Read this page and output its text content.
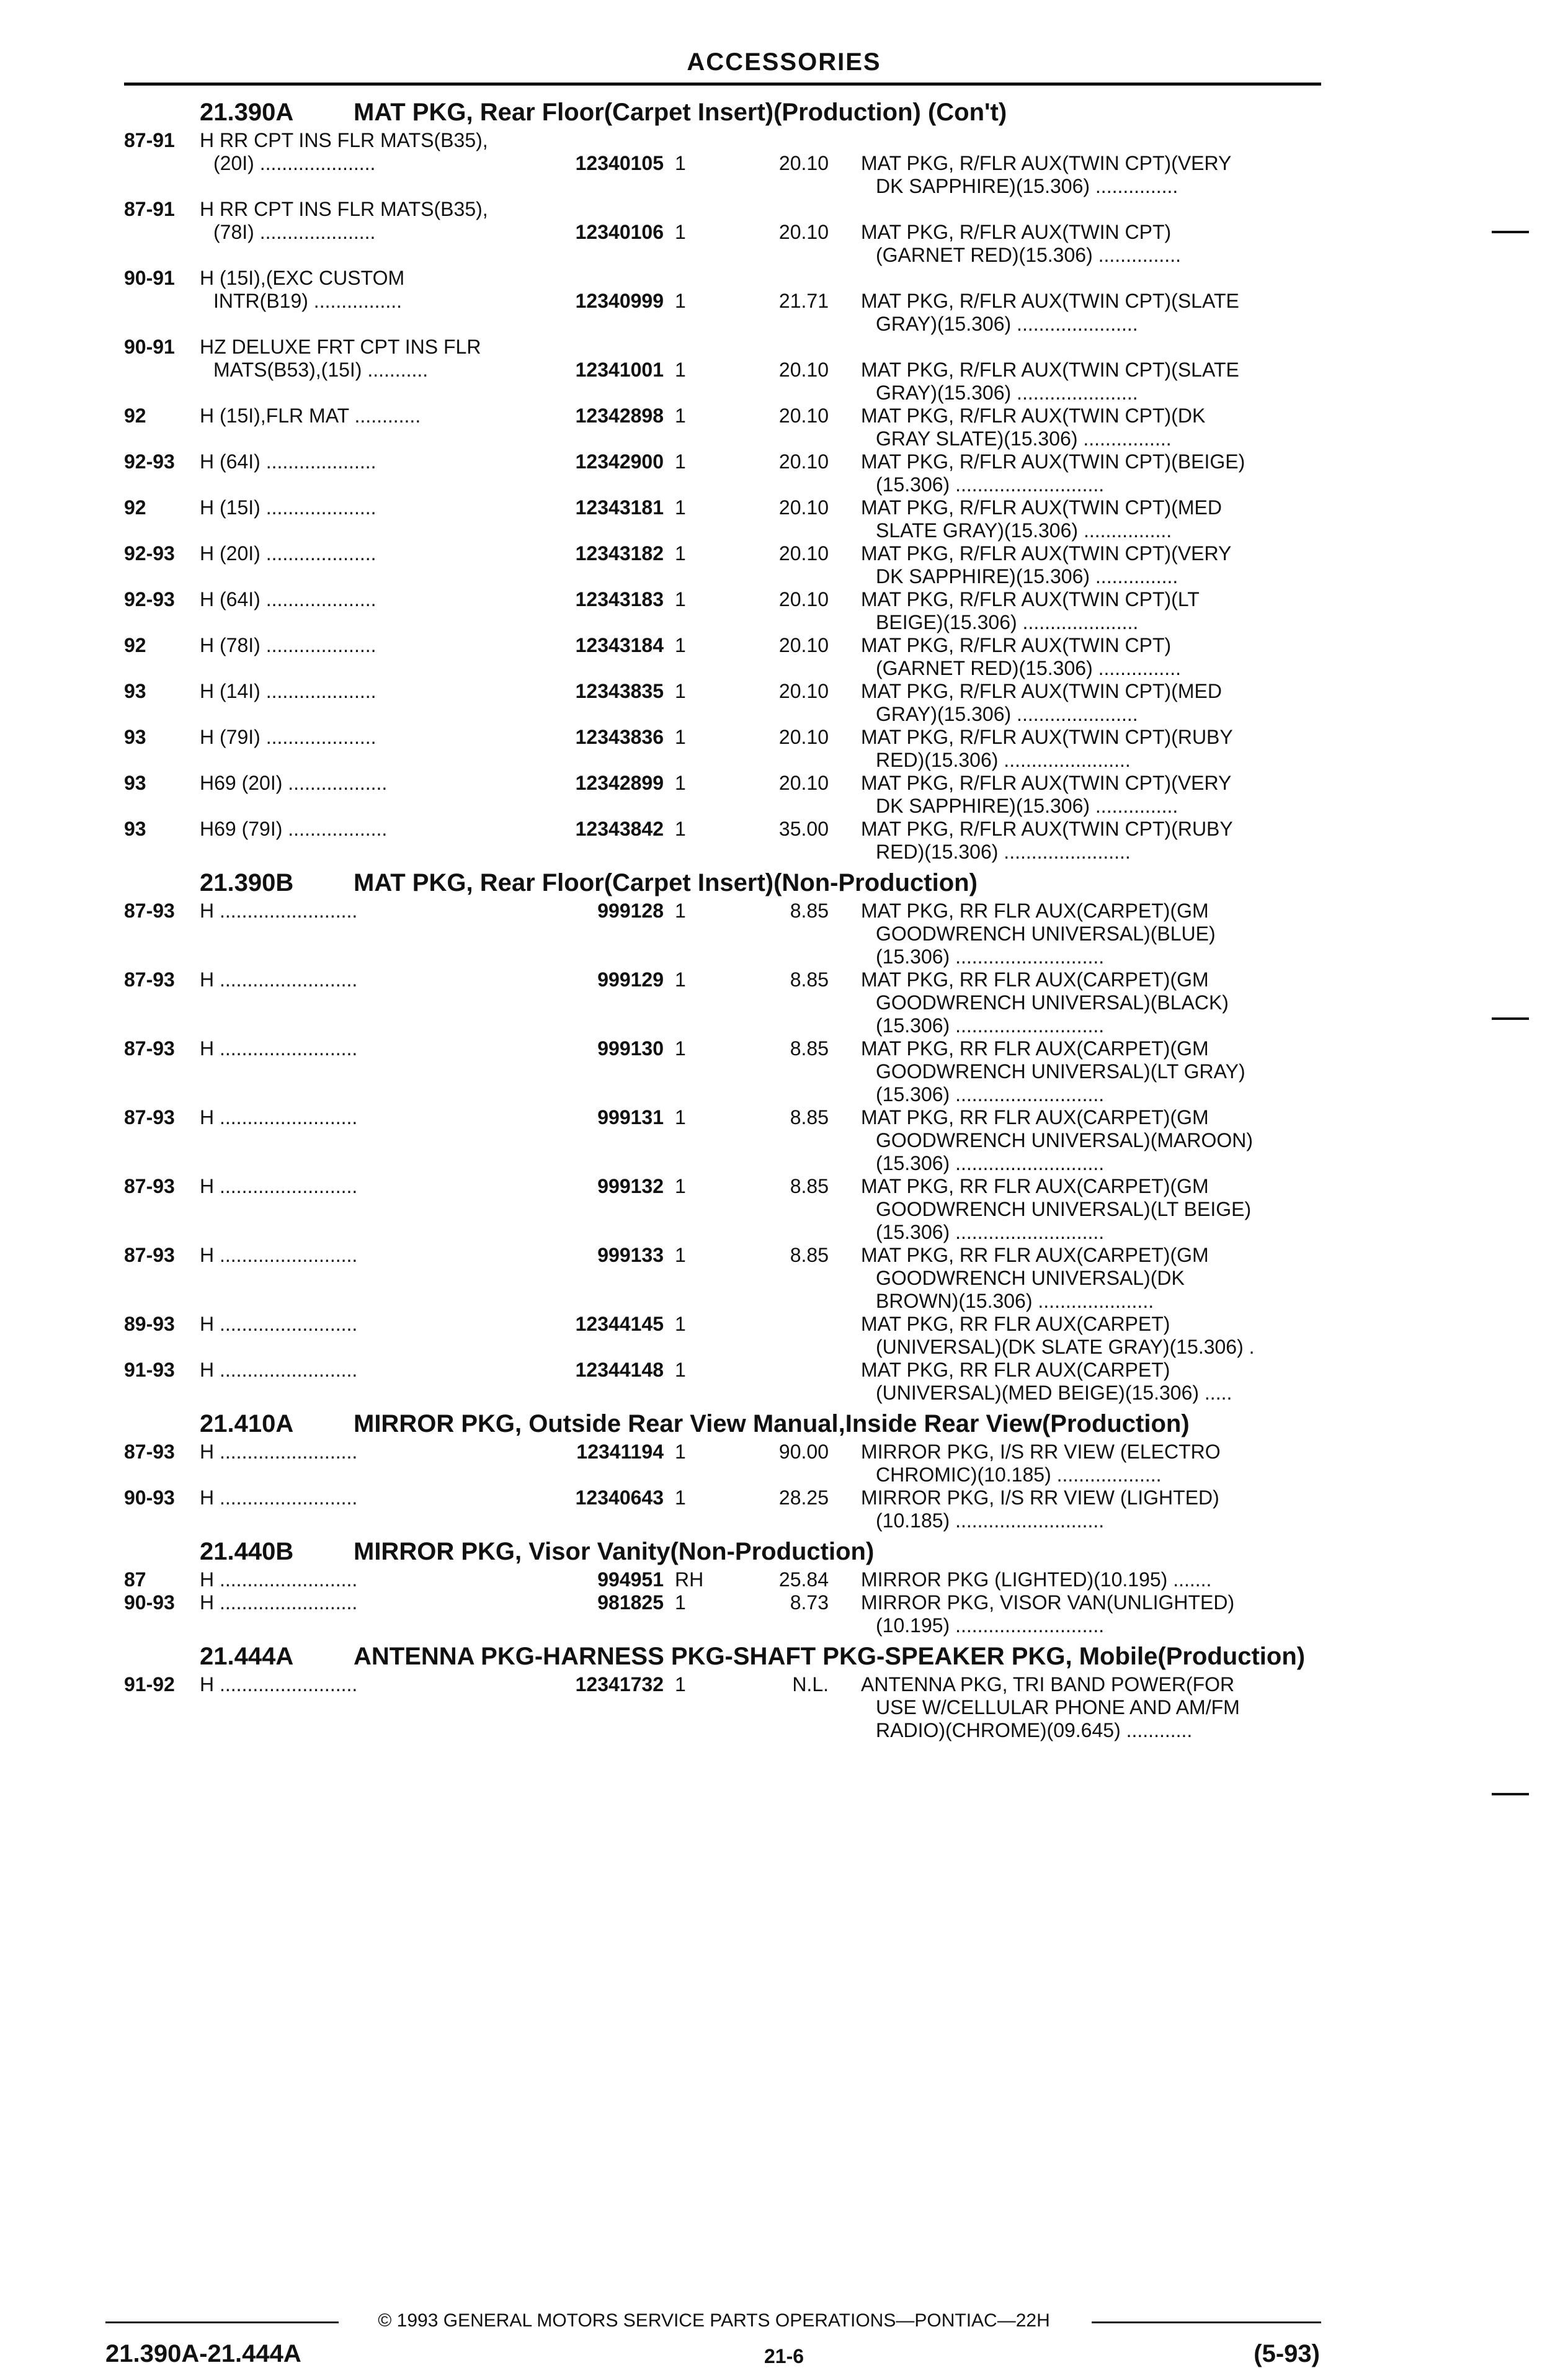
ACCESSORIES
21.390A MAT PKG, Rear Floor(Carpet Insert)(Production) (Con't)
87-91 H RR CPT INS FLR MATS(B35),
(20I) .....................	12340105 1	20.10 MAT PKG, R/FLR AUX(TWIN CPT)(VERY
DK SAPPHIRE)(15.306) ...............
87-91 H RR CPT INS FLR MATS(B35),
(78I) .....................	12340106 1	20.10 MAT PKG, R/FLR AUX(TWIN CPT)
(GARNET RED)(15.306) ...............
90-91 H (15I),(EXC CUSTOM
INTR(B19) ................	12340999 1	21.71 MAT PKG, R/FLR AUX(TWIN CPT)(SLATE
GRAY)(15.306) ......................
90-91 HZ DELUXE FRT CPT INS FLR
MATS(B53),(15I) ...........	12341001 1	20.10 MAT PKG, R/FLR AUX(TWIN CPT)(SLATE
GRAY)(15.306) ......................
92	H (15I),FLR MAT ............	12342898 1	20.10 MAT PKG, R/FLR AUX(TWIN CPT)(DK
GRAY SLATE)(15.306) ................
92-93 H (64I) ....................	12342900 1	20.10 MAT PKG, R/FLR AUX(TWIN CPT)(BEIGE)
(15.306) ...........................
92	H (15I) ....................	12343181 1	20.10 MAT PKG, R/FLR AUX(TWIN CPT)(MED
SLATE GRAY)(15.306) ................
92-93 H (20I) ....................	12343182 1	20.10 MAT PKG, R/FLR AUX(TWIN CPT)(VERY
DK SAPPHIRE)(15.306) ...............
92-93 H (64I) ....................	12343183 1	20.10 MAT PKG, R/FLR AUX(TWIN CPT)(LT
BEIGE)(15.306) .....................
92	H (78I) ....................	12343184 1	20.10 MAT PKG, R/FLR AUX(TWIN CPT)
(GARNET RED)(15.306) ...............
93	H (14I) ....................	12343835 1	20.10 MAT PKG, R/FLR AUX(TWIN CPT)(MED
GRAY)(15.306) ......................
93	H (79I) ....................	12343836 1	20.10 MAT PKG, R/FLR AUX(TWIN CPT)(RUBY
RED)(15.306) .......................
93	H69 (20I) ..................	12342899 1	20.10 MAT PKG, R/FLR AUX(TWIN CPT)(VERY
DK SAPPHIRE)(15.306) ...............
93	H69 (79I) ..................	12343842 1	35.00 MAT PKG, R/FLR AUX(TWIN CPT)(RUBY
RED)(15.306) .......................
21.390B MAT PKG, Rear Floor(Carpet Insert)(Non-Production)
87-93 H .........................	999128 1	8.85 MAT PKG, RR FLR AUX(CARPET)(GM
GOODWRENCH UNIVERSAL)(BLUE)
(15.306) ...........................
87-93 H .........................	999129 1	8.85 MAT PKG, RR FLR AUX(CARPET)(GM
GOODWRENCH UNIVERSAL)(BLACK)
(15.306) ...........................
87-93 H .........................	999130 1	8.85 MAT PKG, RR FLR AUX(CARPET)(GM
GOODWRENCH UNIVERSAL)(LT GRAY)
(15.306) ...........................
87-93 H .........................	999131 1	8.85 MAT PKG, RR FLR AUX(CARPET)(GM
GOODWRENCH UNIVERSAL)(MAROON)
(15.306) ...........................
87-93 H .........................	999132 1	8.85 MAT PKG, RR FLR AUX(CARPET)(GM
GOODWRENCH UNIVERSAL)(LT BEIGE)
(15.306) ...........................
87-93 H .........................	999133 1	8.85 MAT PKG, RR FLR AUX(CARPET)(GM
GOODWRENCH UNIVERSAL)(DK
BROWN)(15.306) .....................
89-93 H .........................	12344145 1	MAT PKG, RR FLR AUX(CARPET)
(UNIVERSAL)(DK SLATE GRAY)(15.306) .
91-93 H .........................	12344148 1	MAT PKG, RR FLR AUX(CARPET)
(UNIVERSAL)(MED BEIGE)(15.306) .....
21.410A MIRROR PKG, Outside Rear View Manual,Inside Rear View(Production)
87-93 H .........................	12341194 1	90.00 MIRROR PKG, I/S RR VIEW (ELECTRO
CHROMIC)(10.185) ...................
90-93 H .........................	12340643 1	28.25 MIRROR PKG, I/S RR VIEW (LIGHTED)
(10.185) ...........................
21.440B MIRROR PKG, Visor Vanity(Non-Production)
87	H .........................	994951 RH	25.84 MIRROR PKG (LIGHTED)(10.195) .......
90-93 H .........................	981825 1	8.73 MIRROR PKG, VISOR VAN(UNLIGHTED)
(10.195) ...........................
21.444A ANTENNA PKG-HARNESS PKG-SHAFT PKG-SPEAKER PKG, Mobile(Production)
91-92 H .........................	12341732 1	N.L. ANTENNA PKG, TRI BAND POWER(FOR
USE W/CELLULAR PHONE AND AM/FM
RADIO)(CHROME)(09.645) ............
© 1993 GENERAL MOTORS SERVICE PARTS OPERATIONS—PONTIAC—22H
21.390A-21.444A	21-6	(5-93)
